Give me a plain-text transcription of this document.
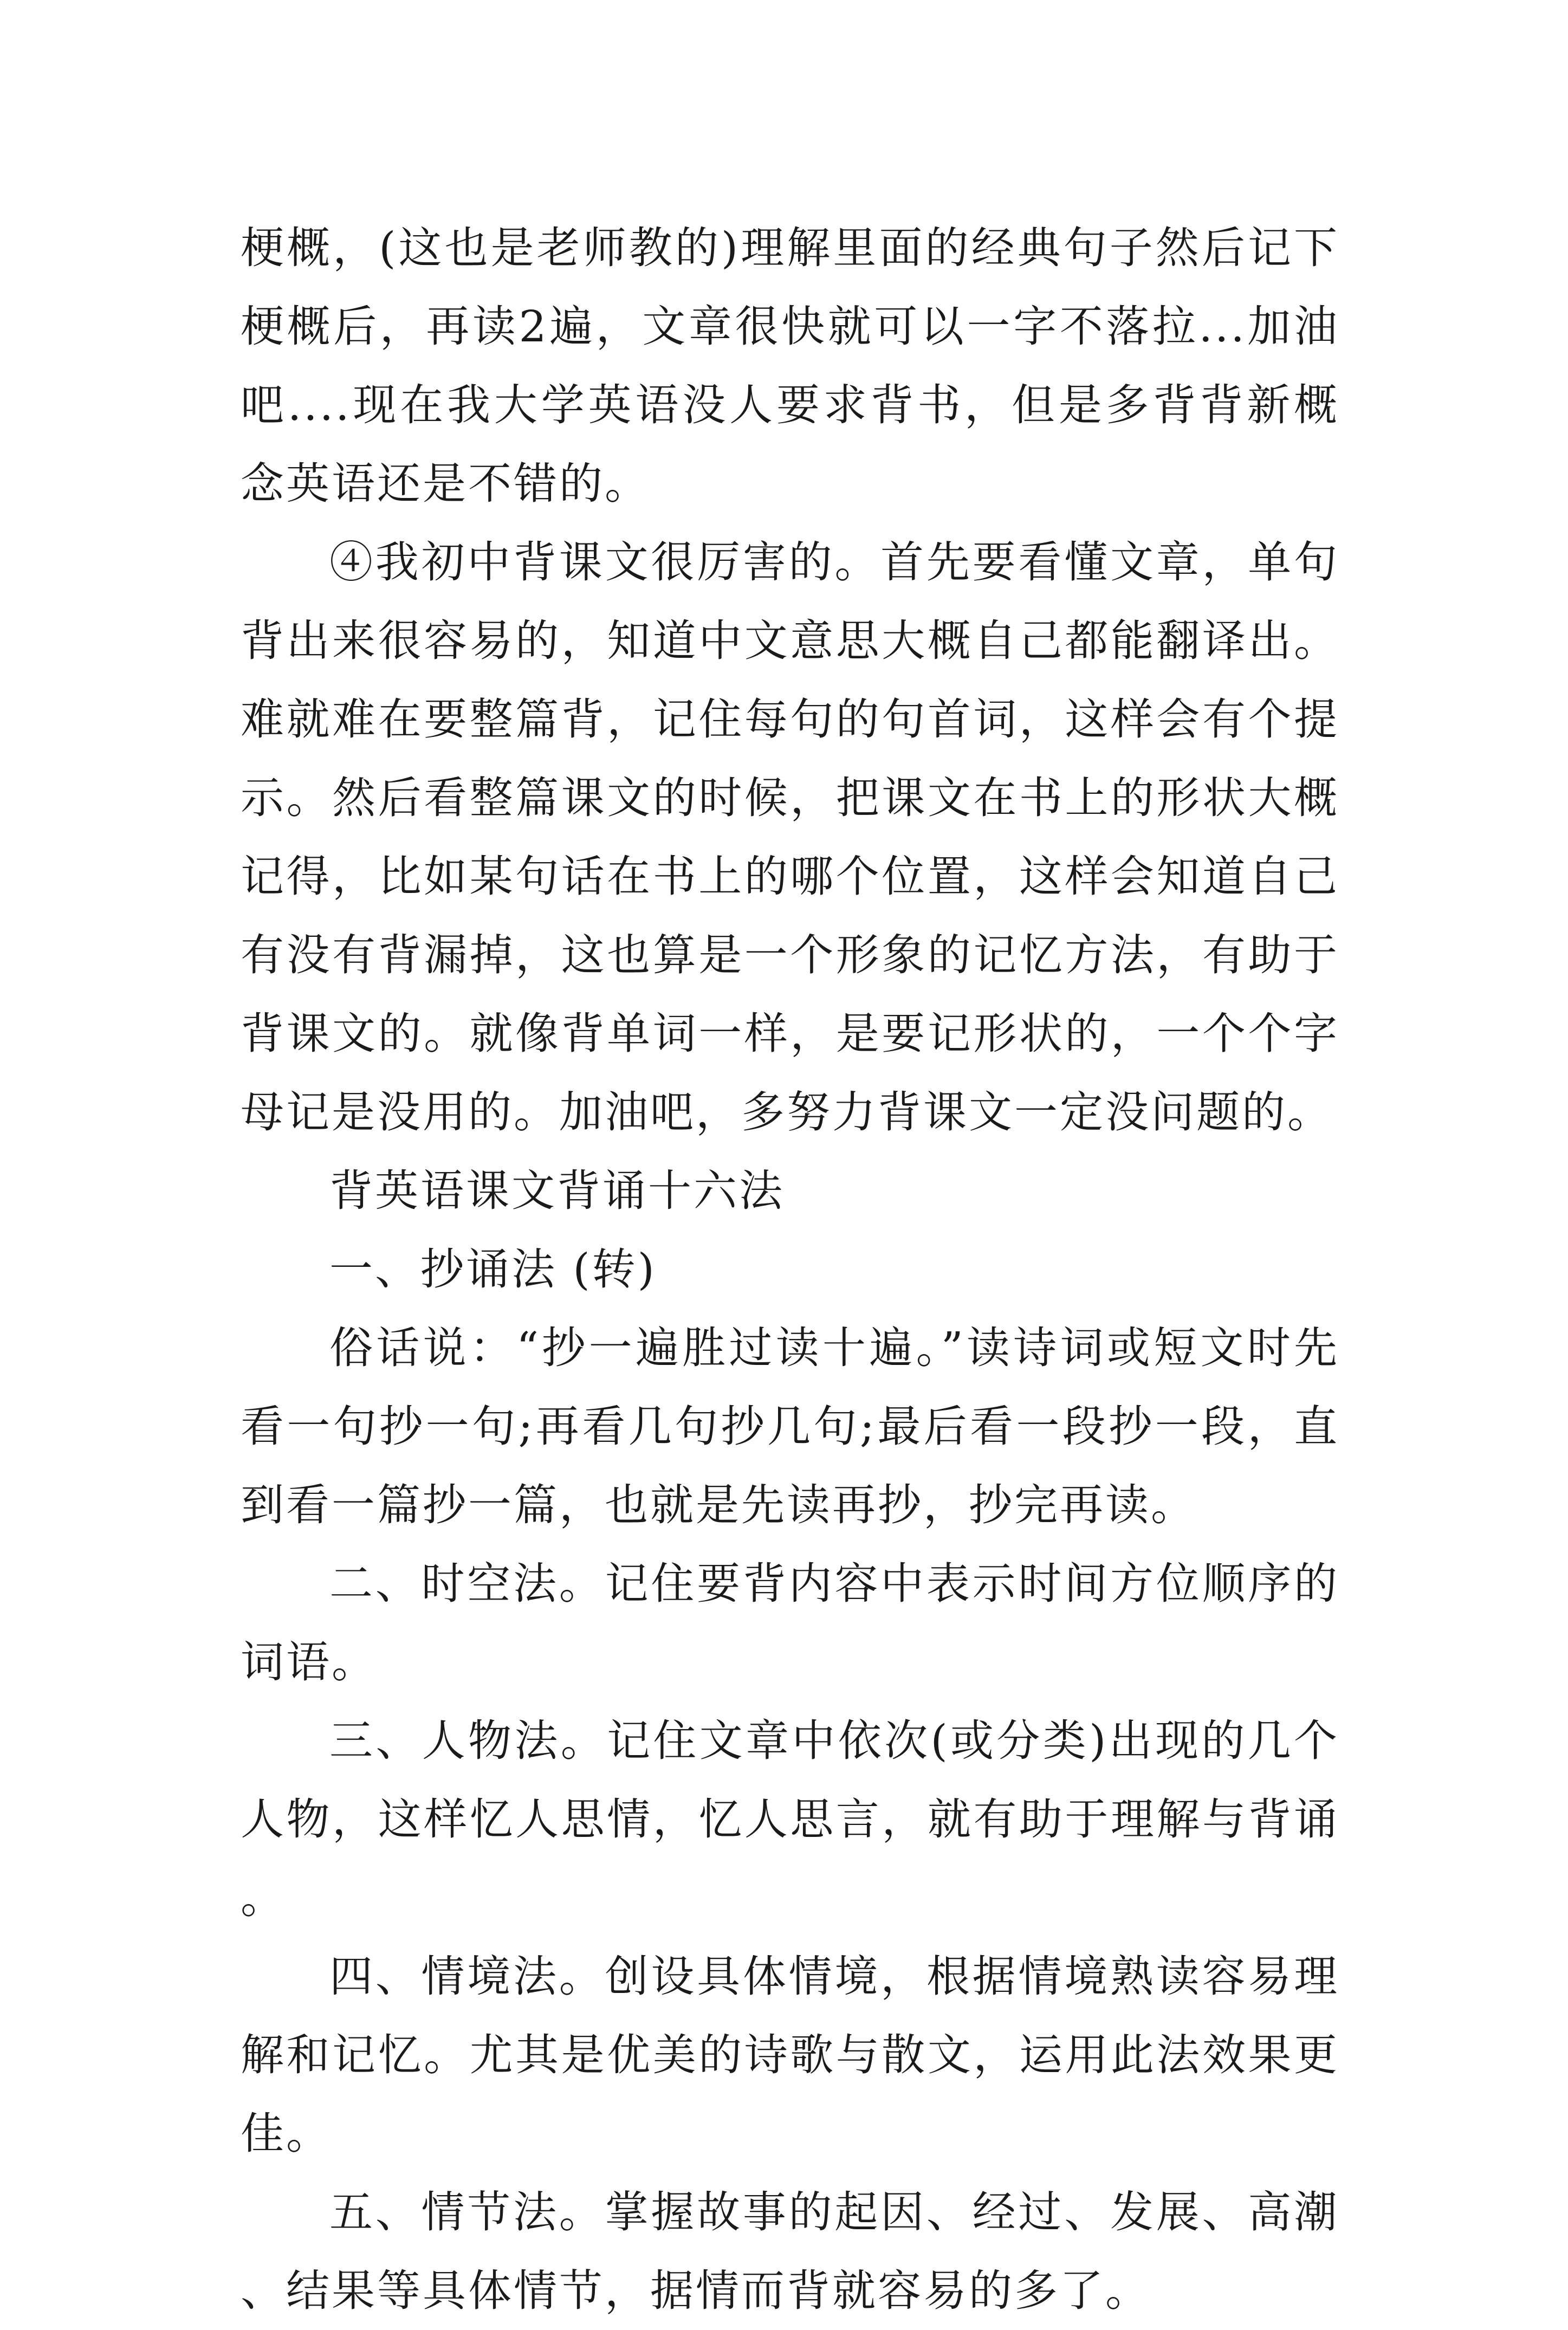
梗概，(这也是老师教的)理解里面的经典句子然后记下梗概后，再读2遍，文章很快就可以一字不落拉...加油吧....现在我大学英语没人要求背书，但是多背背新概念英语还是不错的。

④我初中背课文很厉害的。首先要看懂文章，单句背出来很容易的，知道中文意思大概自己都能翻译出。难就难在要整篇背，记住每句的句首词，这样会有个提示。然后看整篇课文的时候，把课文在书上的形状大概记得，比如某句话在书上的哪个位置，这样会知道自己有没有背漏掉，这也算是一个形象的记忆方法，有助于背课文的。就像背单词一样，是要记形状的，一个个字母记是没用的。加油吧，多努力背课文一定没问题的。

背英语课文背诵十六法

一、抄诵法 (转)

俗话说：“抄一遍胜过读十遍。”读诗词或短文时先看一句抄一句;再看几句抄几句;最后看一段抄一段，直到看一篇抄一篇，也就是先读再抄，抄完再读。

二、时空法。记住要背内容中表示时间方位顺序的词语。

三、人物法。记住文章中依次(或分类)出现的几个人物，这样忆人思情，忆人思言，就有助于理解与背诵。

四、情境法。创设具体情境，根据情境熟读容易理解和记忆。尤其是优美的诗歌与散文，运用此法效果更佳。

五、情节法。掌握故事的起因、经过、发展、高潮、结果等具体情节，据情而背就容易的多了。
